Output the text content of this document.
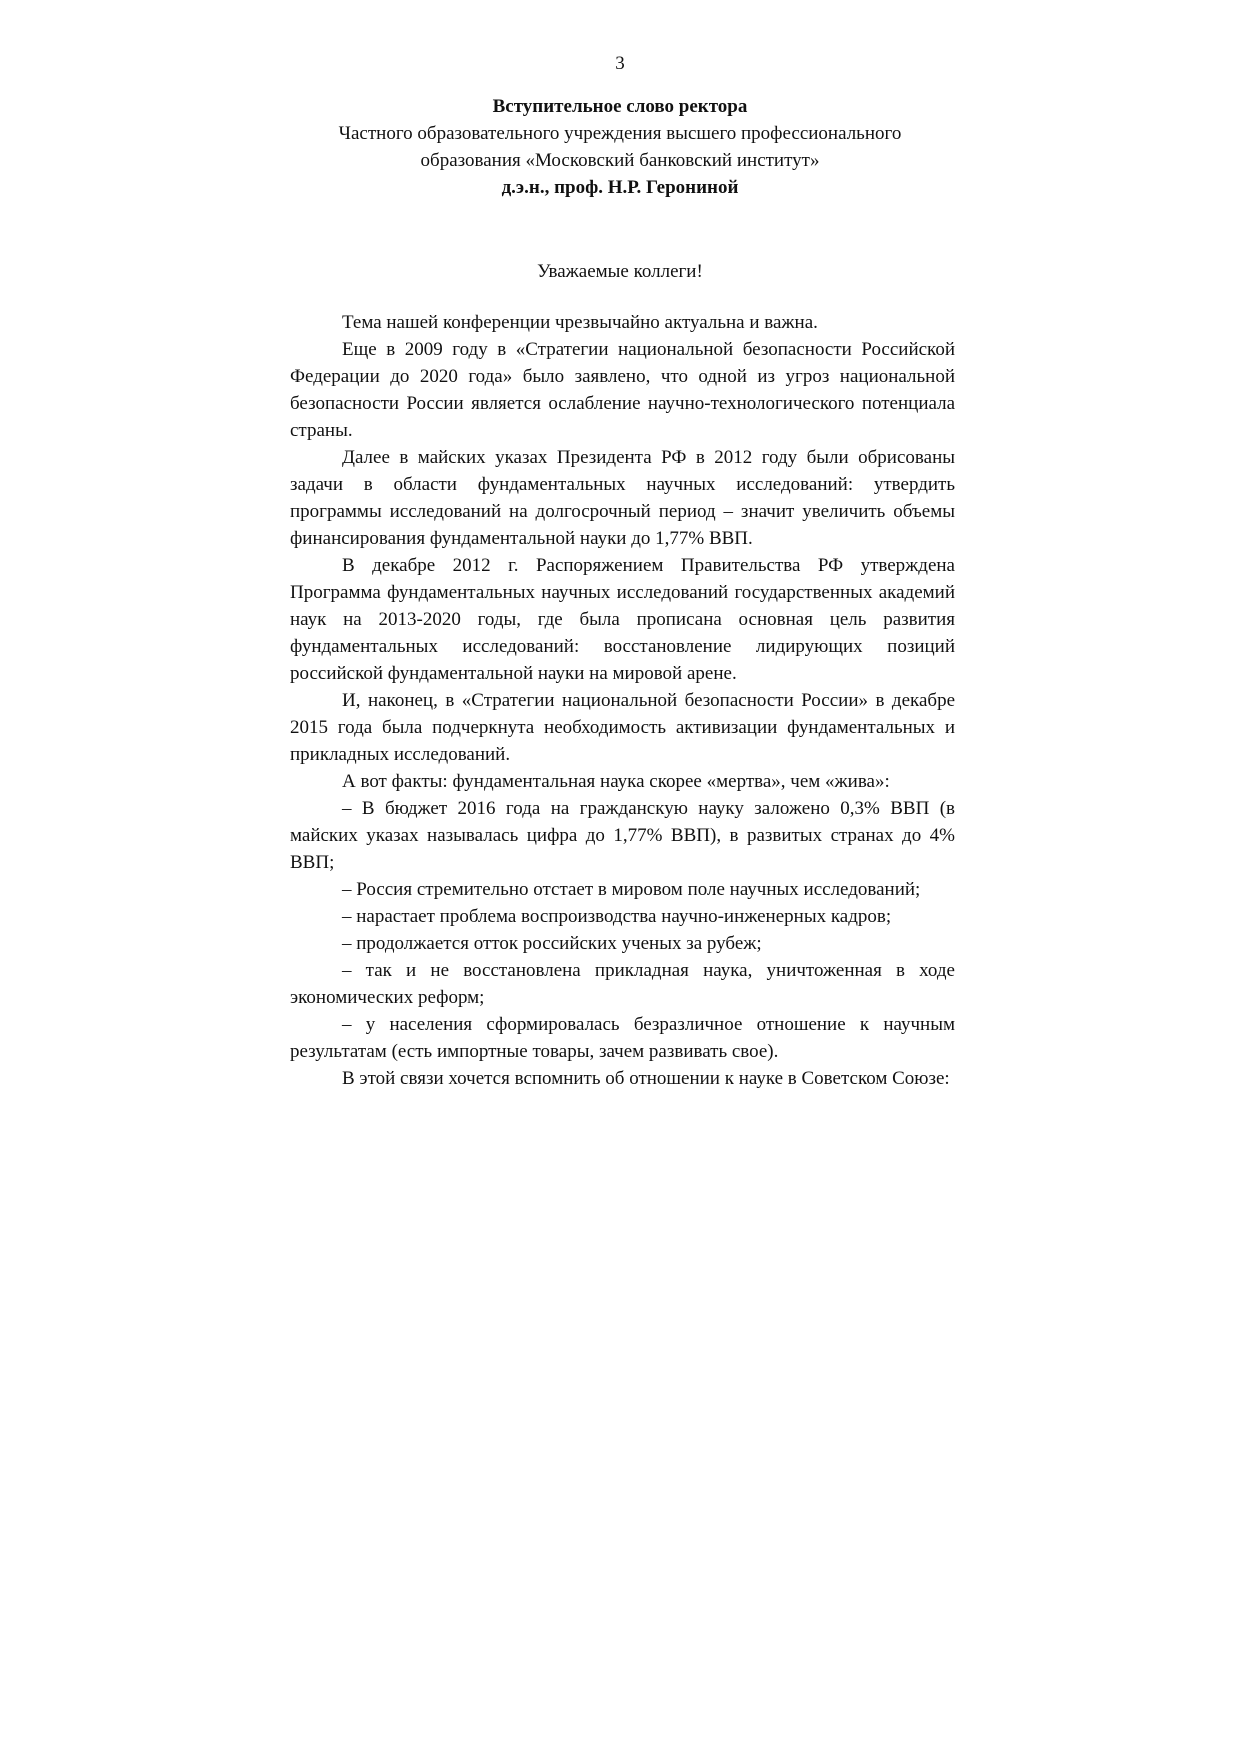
3
Вступительное слово ректора
Частного образовательного учреждения высшего профессионального
образования «Московский банковский институт»
д.э.н., проф. Н.Р. Герониной
Уважаемые коллеги!

Тема нашей конференции чрезвычайно актуальна и важна.

Еще в 2009 году в «Стратегии национальной безопасности Российской Федерации до 2020 года» было заявлено, что одной из угроз национальной безопасности России является ослабление научно-технологического потенциала страны.

Далее в майских указах Президента РФ в 2012 году были обрисованы задачи в области фундаментальных научных исследований: утвердить программы исследований на долгосрочный период – значит увеличить объемы финансирования фундаментальной науки до 1,77% ВВП.

В декабре 2012 г. Распоряжением Правительства РФ утверждена Программа фундаментальных научных исследований государственных академий наук на 2013-2020 годы, где была прописана основная цель развития фундаментальных исследований: восстановление лидирующих позиций российской фундаментальной науки на мировой арене.

И, наконец, в «Стратегии национальной безопасности России» в декабре 2015 года была подчеркнута необходимость активизации фундаментальных и прикладных исследований.

А вот факты: фундаментальная наука скорее «мертва», чем «жива»:

– В бюджет 2016 года на гражданскую науку заложено 0,3% ВВП (в майских указах называлась цифра до 1,77% ВВП), в развитых странах до 4% ВВП;

– Россия стремительно отстает в мировом поле научных исследований;

– нарастает проблема воспроизводства научно-инженерных кадров;

– продолжается отток российских ученых за рубеж;

– так и не восстановлена прикладная наука, уничтоженная в ходе экономических реформ;

– у населения сформировалась безразличное отношение к научным результатам (есть импортные товары, зачем развивать свое).

В этой связи хочется вспомнить об отношении к науке в Советском Союзе:
